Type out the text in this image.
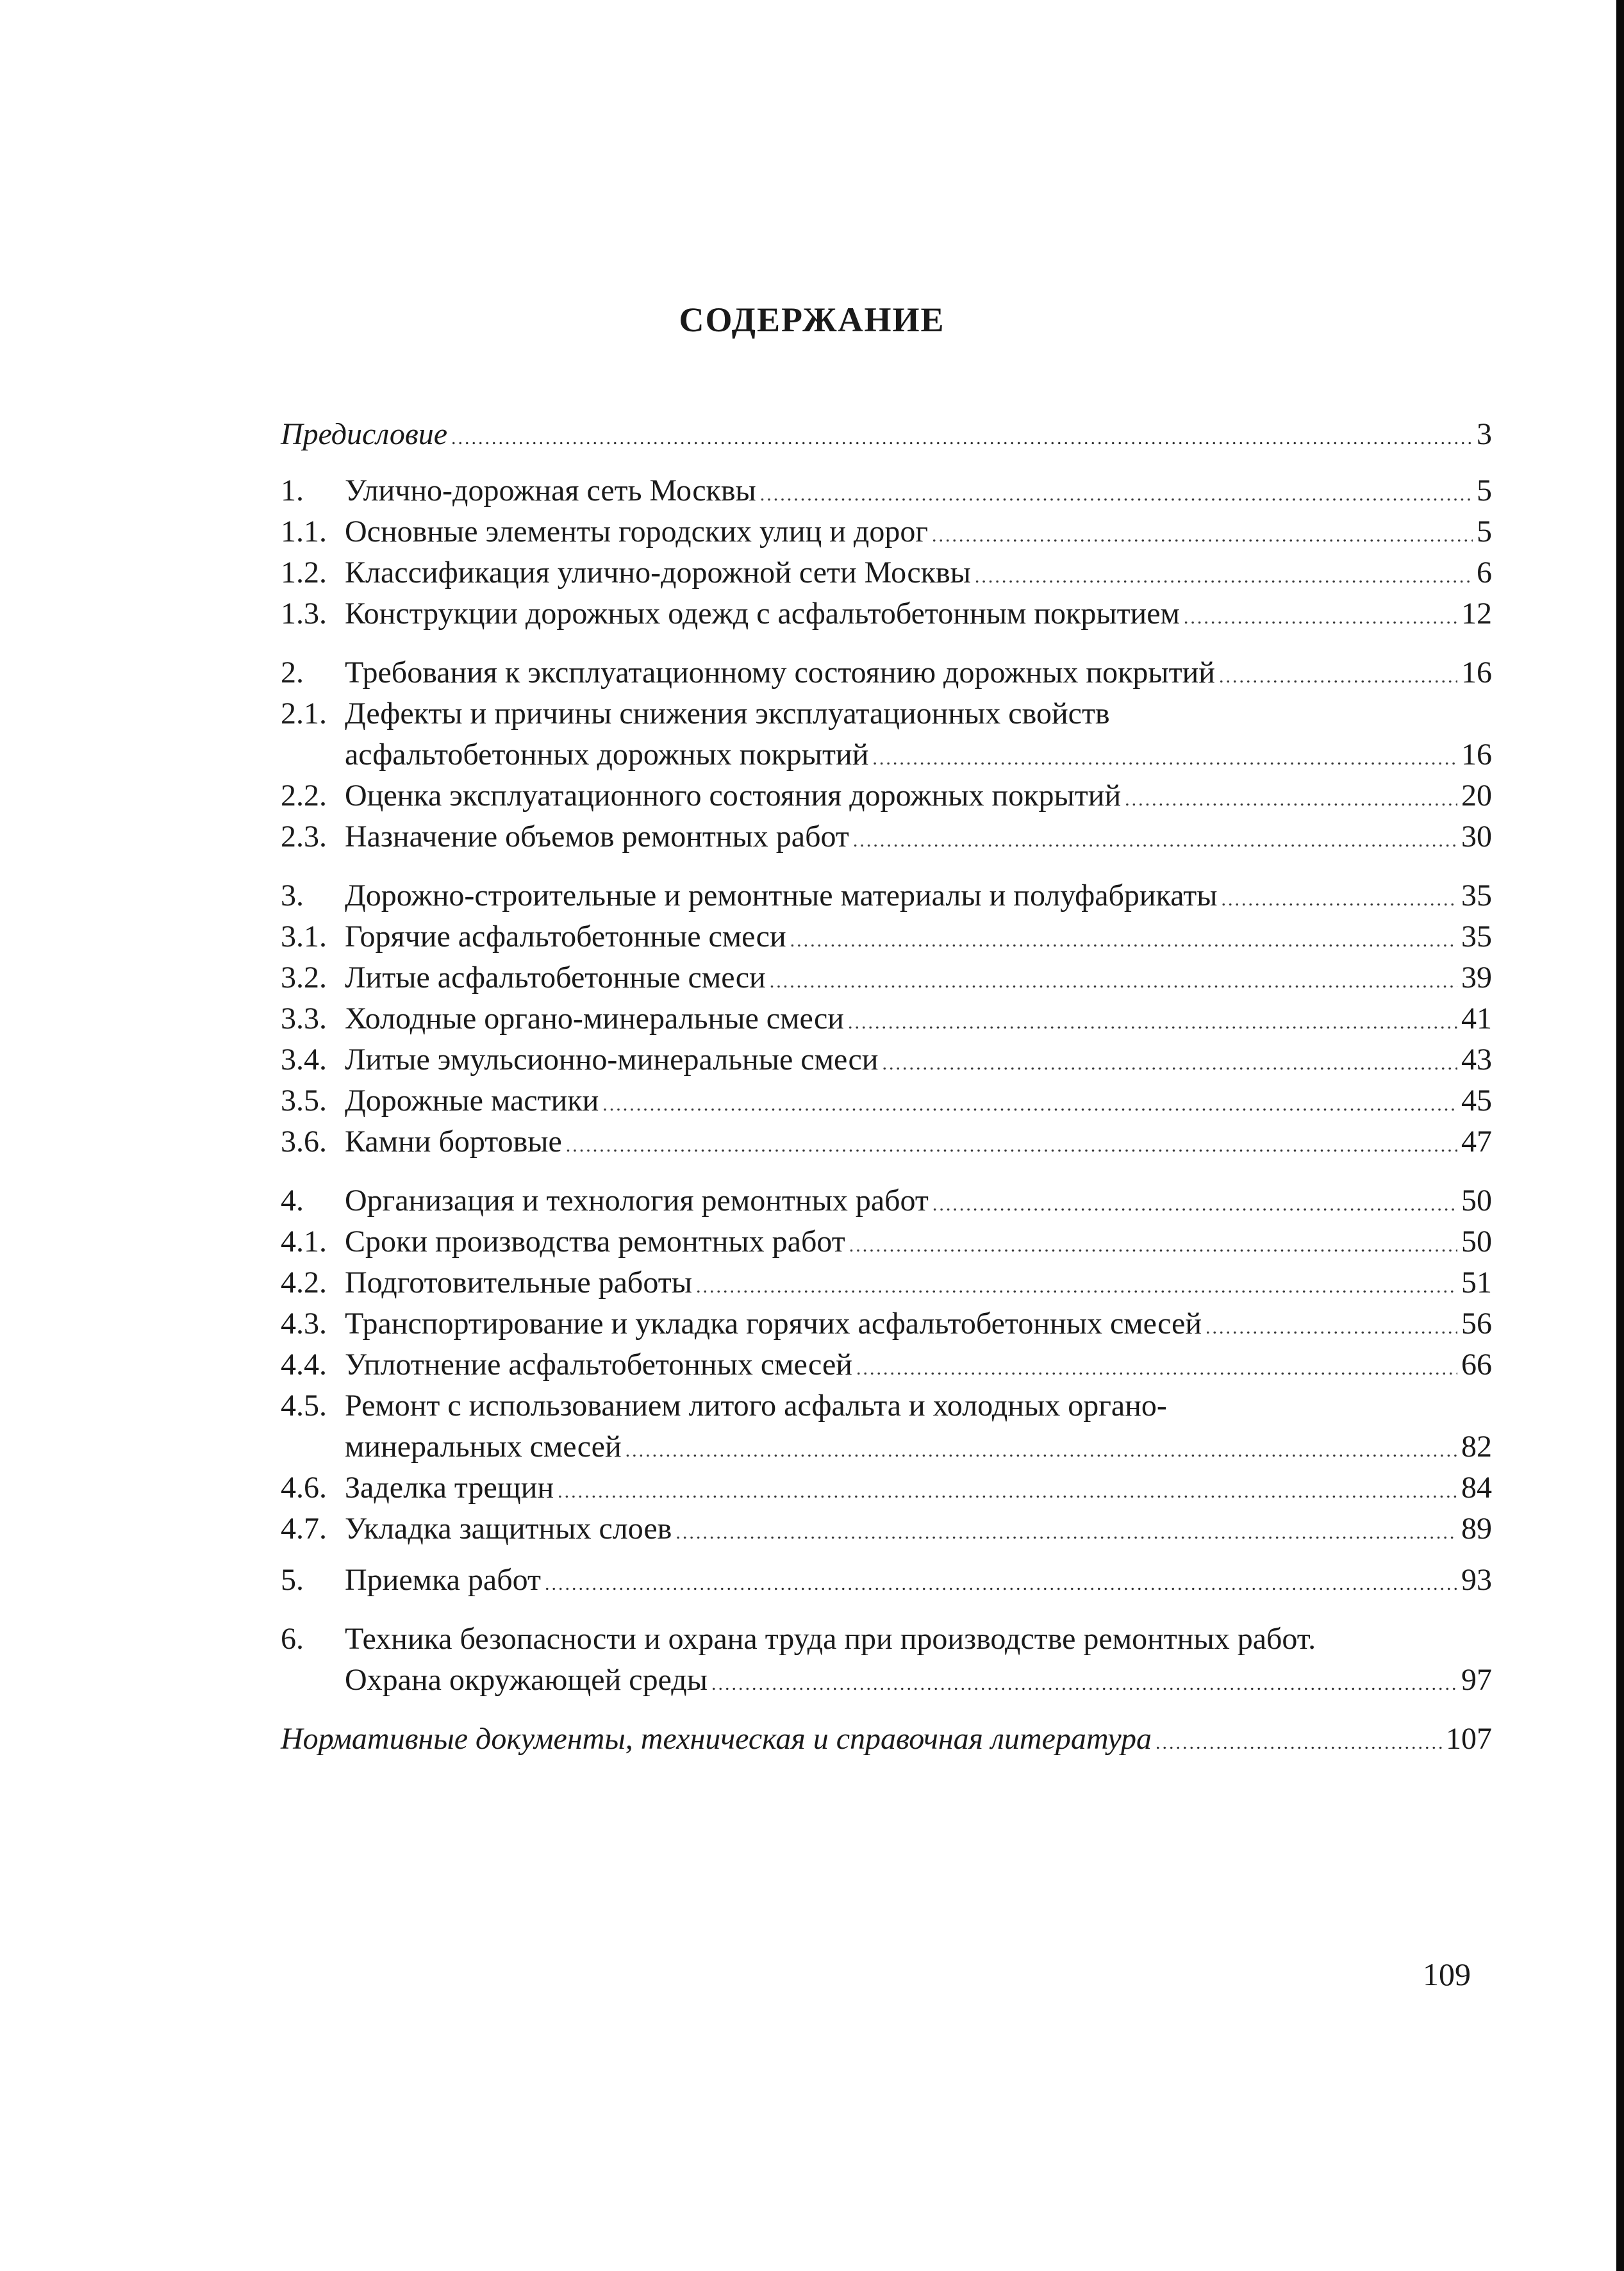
СОДЕРЖАНИЕ
Предисловие .....	3
1.	Улично-дорожная сеть Москвы .....	5
1.1. Основные элементы городских улиц и дорог .....	5
1.2. Классификация улично-дорожной сети Москвы .....	6
1.3. Конструкции дорожных одежд с асфальтобетонным покрытием .....	12
2.	Требования к эксплуатационному состоянию дорожных покрытий .....	16
2.1. Дефекты и причины снижения эксплуатационных свойств
асфальтобетонных дорожных покрытий .....	16
2.2. Оценка эксплуатационного состояния дорожных покрытий .....	20
2.3. Назначение объемов ремонтных работ .....	30
3.	Дорожно-строительные и ремонтные материалы и полуфабрикаты .....	35
3.1. Горячие асфальтобетонные смеси .....	35
3.2. Литые асфальтобетонные смеси .....	39
3.3. Холодные органо-минеральные смеси .....	41
3.4. Литые эмульсионно-минеральные смеси .....	43
3.5. Дорожные мастики .....	45
3.6. Камни бортовые .....	47
4.	Организация и технология ремонтных работ .....	50
4.1. Сроки производства ремонтных работ .....	50
4.2. Подготовительные работы .....	51
4.3. Транспортирование и укладка горячих асфальтобетонных смесей .....	56
4.4. Уплотнение асфальтобетонных смесей .....	66
4.5. Ремонт с использованием литого асфальта и холодных органо-
минеральных смесей .....	82
4.6. Заделка трещин .....	84
4.7. Укладка защитных слоев .....	89
5.	Приемка работ .....	93
6.	Техника безопасности и охрана труда при производстве ремонтных работ.
Охрана окружающей среды .....	97
Нормативные документы, техническая и справочная литература .....	107
109
